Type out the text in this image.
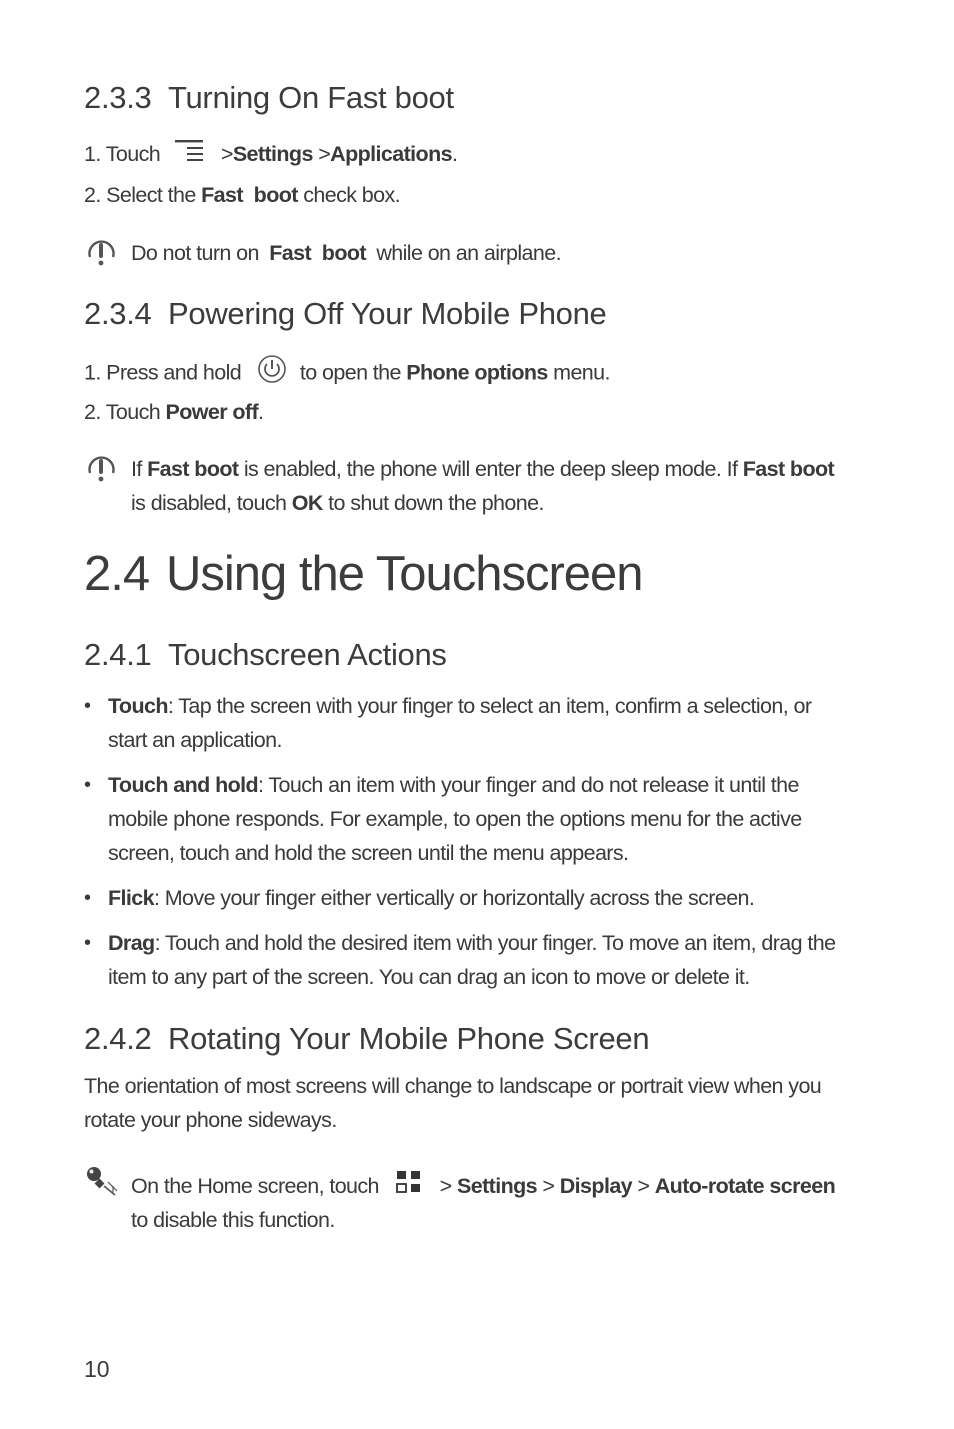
2.3.3 Turning On Fast boot
1. Touch	>Settings >Applications.
2. Select the Fast  boot check box.
Do not turn on Fast  boot while on an airplane.
2.3.4 Powering Off Your Mobile Phone
1. Press and hold	to open the Phone options menu.
2. Touch Power off.
If Fast boot is enabled, the phone will enter the deep sleep mode. If Fast boot
is disabled, touch OK to shut down the phone.
2.4 Using the Touchscreen
2.4.1 Touchscreen Actions
• Touch: Tap the screen with your finger to select an item, confirm a selection, or
start an application.
• Touch and hold: Touch an item with your finger and do not release it until the
mobile phone responds. For example, to open the options menu for the active
screen, touch and hold the screen until the menu appears.
• Flick: Move your finger either vertically or horizontally across the screen.
• Drag: Touch and hold the desired item with your finger. To move an item, drag the
item to any part of the screen. You can drag an icon to move or delete it.
2.4.2 Rotating Your Mobile Phone Screen
The orientation of most screens will change to landscape or portrait view when you
rotate your phone sideways.
On the Home screen, touch	> Settings > Display > Auto-rotate screen
to disable this function.
10
